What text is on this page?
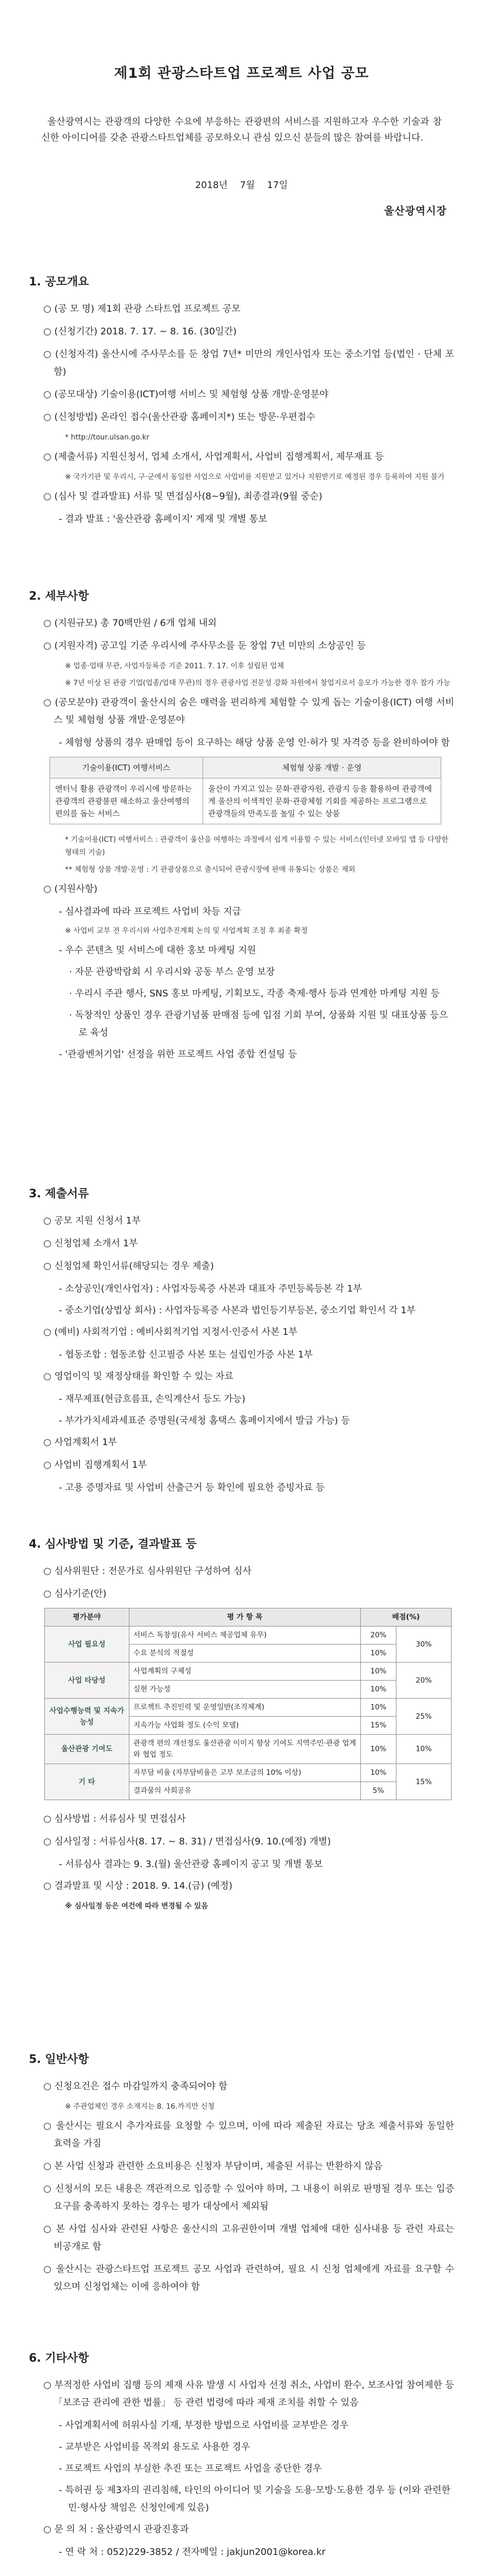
제1회 관광스타트업 프로젝트 사업 공모
울산광역시는 관광객의 다양한 수요에 부응하는 관광편의 서비스를 지원하고자 우수한 기술과 참신한 아이디어를 갖춘 관광스타트업체를 공모하오니 관심 있으신 분들의 많은 참여를 바랍니다.
2018년 7월 17일
울산광역시장
1. 공모개요
○ (공 모 명) 제1회 관광 스타트업 프로젝트 공모
○ (신청기간) 2018. 7. 17. ~ 8. 16. (30일간)
○ (신청자격) 울산시에 주사무소를 둔 창업 7년* 미만의 개인사업자 또는 중소기업 등(법인 · 단체 포함)
○ (공모대상) 기술이용(ICT)여행 서비스 및 체험형 상품 개발·운영분야
○ (신청방법) 온라인 접수(울산관광 홈페이지*) 또는 방문·우편접수
* http://tour.ulsan.go.kr
○ (제출서류) 지원신청서, 업체 소개서, 사업계획서, 사업비 집행계획서, 제무재표 등
※ 국가기관 및 우리시, 구·군에서 동일한 사업으로 사업비를 지원받고 있거나 지원받기로 예정된 경우 등록하여 지원 불가
○ (심사 및 결과발표) 서류 및 면접심사(8~9월), 최종결과(9월 중순)
- 결과 발표 : '울산관광 홈페이지' 게재 및 개별 통보
2. 세부사항
○ (지원규모) 총 70백만원 / 6개 업체 내외
○ (지원자격) 공고일 기준 우리시에 주사무소를 둔 창업 7년 미만의 소상공인 등
※ 업종·업태 무관, 사업자등록증 기준 2011. 7. 17. 이후 설립된 업체
※ 7년 이상 된 관광 기업(업종/업태 무관)의 경우 관광사업 전문성 강화 차원에서 창업지로서 응모가 가능한 경우 참가 가능
○ (공모분야) 관광객이 울산시의 숨은 매력을 편리하게 체험할 수 있게 돕는 기술이용(ICT) 여행 서비스 및 체험형 상품 개발·운영분야
- 체험형 상품의 경우 판매업 등이 요구하는 해당 상품 운영 인·허가 및 자격증 등을 완비하여야 함
기술이용(ICT) 여행서비스	체험형 상품 개발 · 운영
엔터닉 활용 관광객이 우리시에 방문하는 관광객의 관광불편 해소하고 울산여행의 편의를 돕는 서비스	울산이 가지고 있는 문화·관광자원, 관광지 등을 활용하여 관광객에게 울산의 이색적인 문화·관광체험 기회를 제공하는 프로그램으로 관광객들의 만족도를 높일 수 있는 상품
* 기술이용(ICT) 여행서비스 : 관광객이 울산을 여행하는 과정에서 쉽게 이용할 수 있는 서비스(인터넷 모바일 앱 등 다양한 형태의 기술)
** 체험형 상품 개발·운영 : 기 관광상품으로 출시되어 관광시장에 판매 유통되는 상품은 제외
○ (지원사항)
- 심사결과에 따라 프로젝트 사업비 차등 지급
※ 사업비 교부 전 우리시와 사업추진계획 논의 및 사업계획 조정 후 최종 확정
- 우수 콘텐츠 및 서비스에 대한 홍보 마케팅 지원
· 자문 관광박람회 시 우리시와 공동 부스 운영 보장
· 우리시 주관 행사, SNS 홍보 마케팅, 기획보도, 각종 축제·행사 등과 연계한 마케팅 지원 등
· 독창적인 상품인 경우 관광기념품 판매점 등에 입점 기회 부여, 상품화 지원 및 대표상품 등으로 육성
- '관광벤처기업' 선정을 위한 프로젝트 사업 종합 컨설팅 등
3. 제출서류
○ 공모 지원 신청서 1부
○ 신청업체 소개서 1부
○ 신청업체 확인서류(해당되는 경우 제출)
- 소상공인(개인사업자) : 사업자등록증 사본과 대표자 주민등록등본 각 1부
- 중소기업(상법상 회사) : 사업자등록증 사본과 법인등기부등본, 중소기업 확인서 각 1부
○ (예비) 사회적기업 : 예비사회적기업 지정서·인증서 사본 1부
- 협동조합 : 협동조합 신고필증 사본 또는 설립인가증 사본 1부
○ 영업이익 및 재정상태를 확인할 수 있는 자료
- 재무제표(현금흐름표, 손익계산서 등도 가능)
- 부가가치세과세표준 증명원(국세청 홈택스 홈페이지에서 발급 가능) 등
○ 사업계획서 1부
○ 사업비 집행계획서 1부
- 고용 증명자료 및 사업비 산출근거 등 확인에 필요한 증빙자료 등
4. 심사방법 및 기준, 결과발표 등
○ 심사위원단 : 전문가로 심사위원단 구성하여 심사
○ 심사기준(안)
평가분야	평 가 항 목	배점(%)	
사업 필요성	서비스 독창성(유사 서비스 제공업체 유무)	20%	30%
	수요 분석의 적절성	10%	
사업 타당성	사업계획의 구체성	10%	20%
	실현 가능성	10%	
사업수행능력 및 지속가능성	프로젝트 추진인력 및 운영일반(조직체계)	10%	25%
	지속가능 사업화 정도 (수익 모델)	15%	
울산관광 기여도	관광객 편의 개선정도 울산관광 이미지 향상 기여도 지역주민·관광 업계와 협업 정도	10%	10%
기 타	자부담 비율 (자부담비율은 고부 보조금의 10% 이상)	10%	15%
	결과물의 사회공유	5%	
○ 심사방법 : 서류심사 및 면접심사
○ 심사일정 : 서류심사(8. 17. ~ 8. 31) / 면접심사(9. 10.(예정) 개별)
- 서류심사 결과는 9. 3.(월) 울산관광 홈페이지 공고 및 개별 통보
○ 결과발표 및 시상 : 2018. 9. 14.(금) (예정)
※ 심사일정 등은 여건에 따라 변경될 수 있음
5. 일반사항
○ 신청요건은 접수 마감일까지 충족되어야 함
※ 주관업체인 경우 소재지는 8. 16.까지만 신청
○ 울산시는 필요시 추가자료를 요청할 수 있으며, 이에 따라 제출된 자료는 당초 제출서류와 동일한 효력을 가짐
○ 본 사업 신청과 관련한 소요비용은 신청자 부담이며, 제출된 서류는 반환하지 않음
○ 신청서의 모든 내용은 객관적으로 입증할 수 있어야 하며, 그 내용이 허위로 판명될 경우 또는 입증요구를 충족하지 못하는 경우는 평가 대상에서 제외됨
○ 본 사업 심사와 관련된 사항은 울산시의 고유권한이며 개별 업체에 대한 심사내용 등 관련 자료는 비공개로 함
○ 울산시는 관광스타트업 프로젝트 공모 사업과 관련하여, 필요 시 신청 업체에게 자료를 요구할 수 있으며 신청업체는 이에 응하여야 함
6. 기타사항
○ 부적정한 사업비 집행 등의 제재 사유 발생 시 사업자 선정 취소, 사업비 환수, 보조사업 참여제한 등 「보조금 관리에 관한 법률」 등 관련 법령에 따라 제재 조치를 취할 수 있음
- 사업계획서에 허위사실 기재, 부정한 방법으로 사업비를 교부받은 경우
- 교부받은 사업비를 목적외 용도로 사용한 경우
- 프로젝트 사업의 부실한 추진 또는 프로젝트 사업을 중단한 경우
- 특허권 등 제3자의 권리침해, 타인의 아이디어 및 기술을 도용·모방·도용한 경우 등 (이와 관련한 민·형사상 책임은 신청인에게 있음)
○ 문 의 처 : 울산광역시 관광진흥과
- 연 락 처 : 052)229-3852 / 전자메일 : jakjun2001@korea.kr
